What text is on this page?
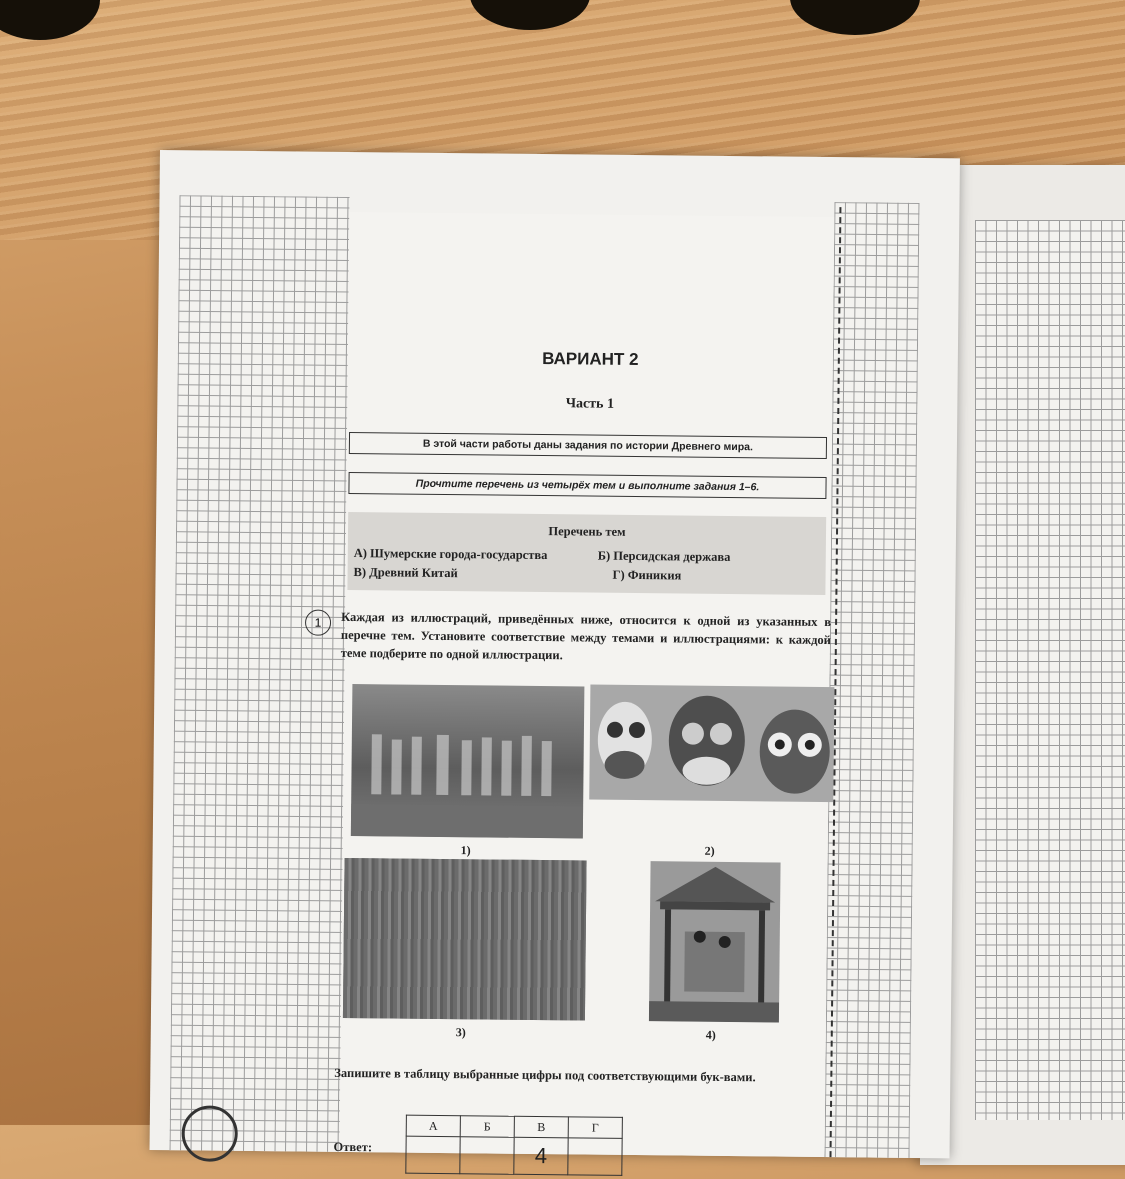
ВАРИАНТ 2
Часть 1
В этой части работы даны задания по истории Древнего мира.
Прочтите перечень из четырёх тем и выполните задания 1–6.
Перечень тем
А) Шумерские города-государства	Б) Персидская держава
В) Древний Китай	Г) Финикия
1	Каждая из иллюстраций, приведённых ниже, относится к одной из указанных в перечне тем. Установите соответствие между темами и иллюстрациями: к каждой теме подберите по одной иллюстрации.
1)	2)
3)	4)
Запишите в таблицу выбранные цифры под соответствующими бук-вами.
Ответ:
А	Б	В	Г
		4	
